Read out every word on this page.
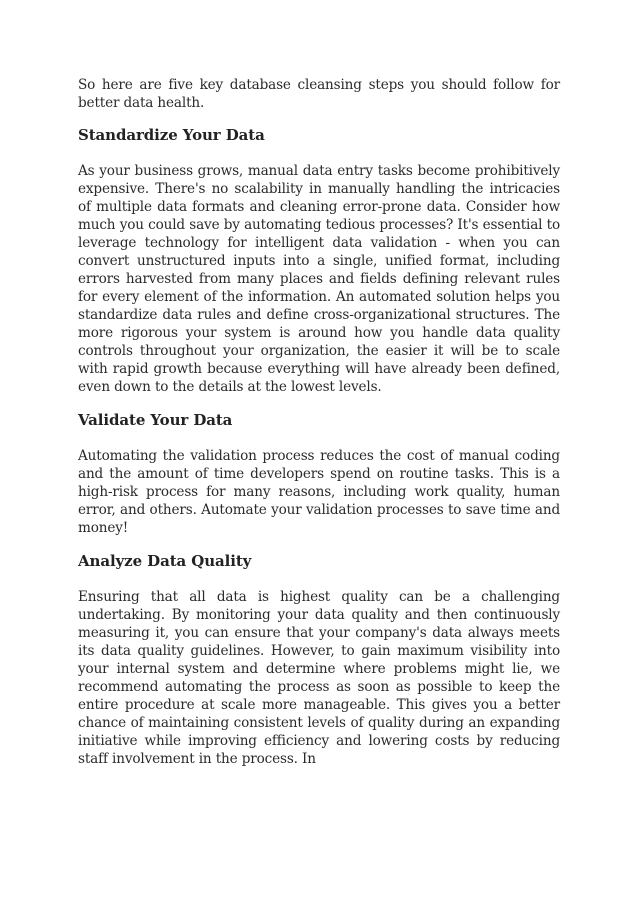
So here are five key database cleansing steps you should follow for better data health.

Standardize Your Data

As your business grows, manual data entry tasks become prohibitively expensive. There's no scalability in manually handling the intricacies of multiple data formats and cleaning error-prone data. Consider how much you could save by automating tedious processes? It's essential to leverage technology for intelligent data validation - when you can convert unstructured inputs into a single, unified format, including errors harvested from many places and fields defining relevant rules for every element of the information. An automated solution helps you standardize data rules and define cross-organizational structures. The more rigorous your system is around how you handle data quality controls throughout your organization, the easier it will be to scale with rapid growth because everything will have already been defined, even down to the details at the lowest levels.

Validate Your Data

Automating the validation process reduces the cost of manual coding and the amount of time developers spend on routine tasks. This is a high-risk process for many reasons, including work quality, human error, and others. Automate your validation processes to save time and money!

Analyze Data Quality

Ensuring that all data is highest quality can be a challenging undertaking. By monitoring your data quality and then continuously measuring it, you can ensure that your company's data always meets its data quality guidelines. However, to gain maximum visibility into your internal system and determine where problems might lie, we recommend automating the process as soon as possible to keep the entire procedure at scale more manageable. This gives you a better chance of maintaining consistent levels of quality during an expanding initiative while improving efficiency and lowering costs by reducing staff involvement in the process. In
